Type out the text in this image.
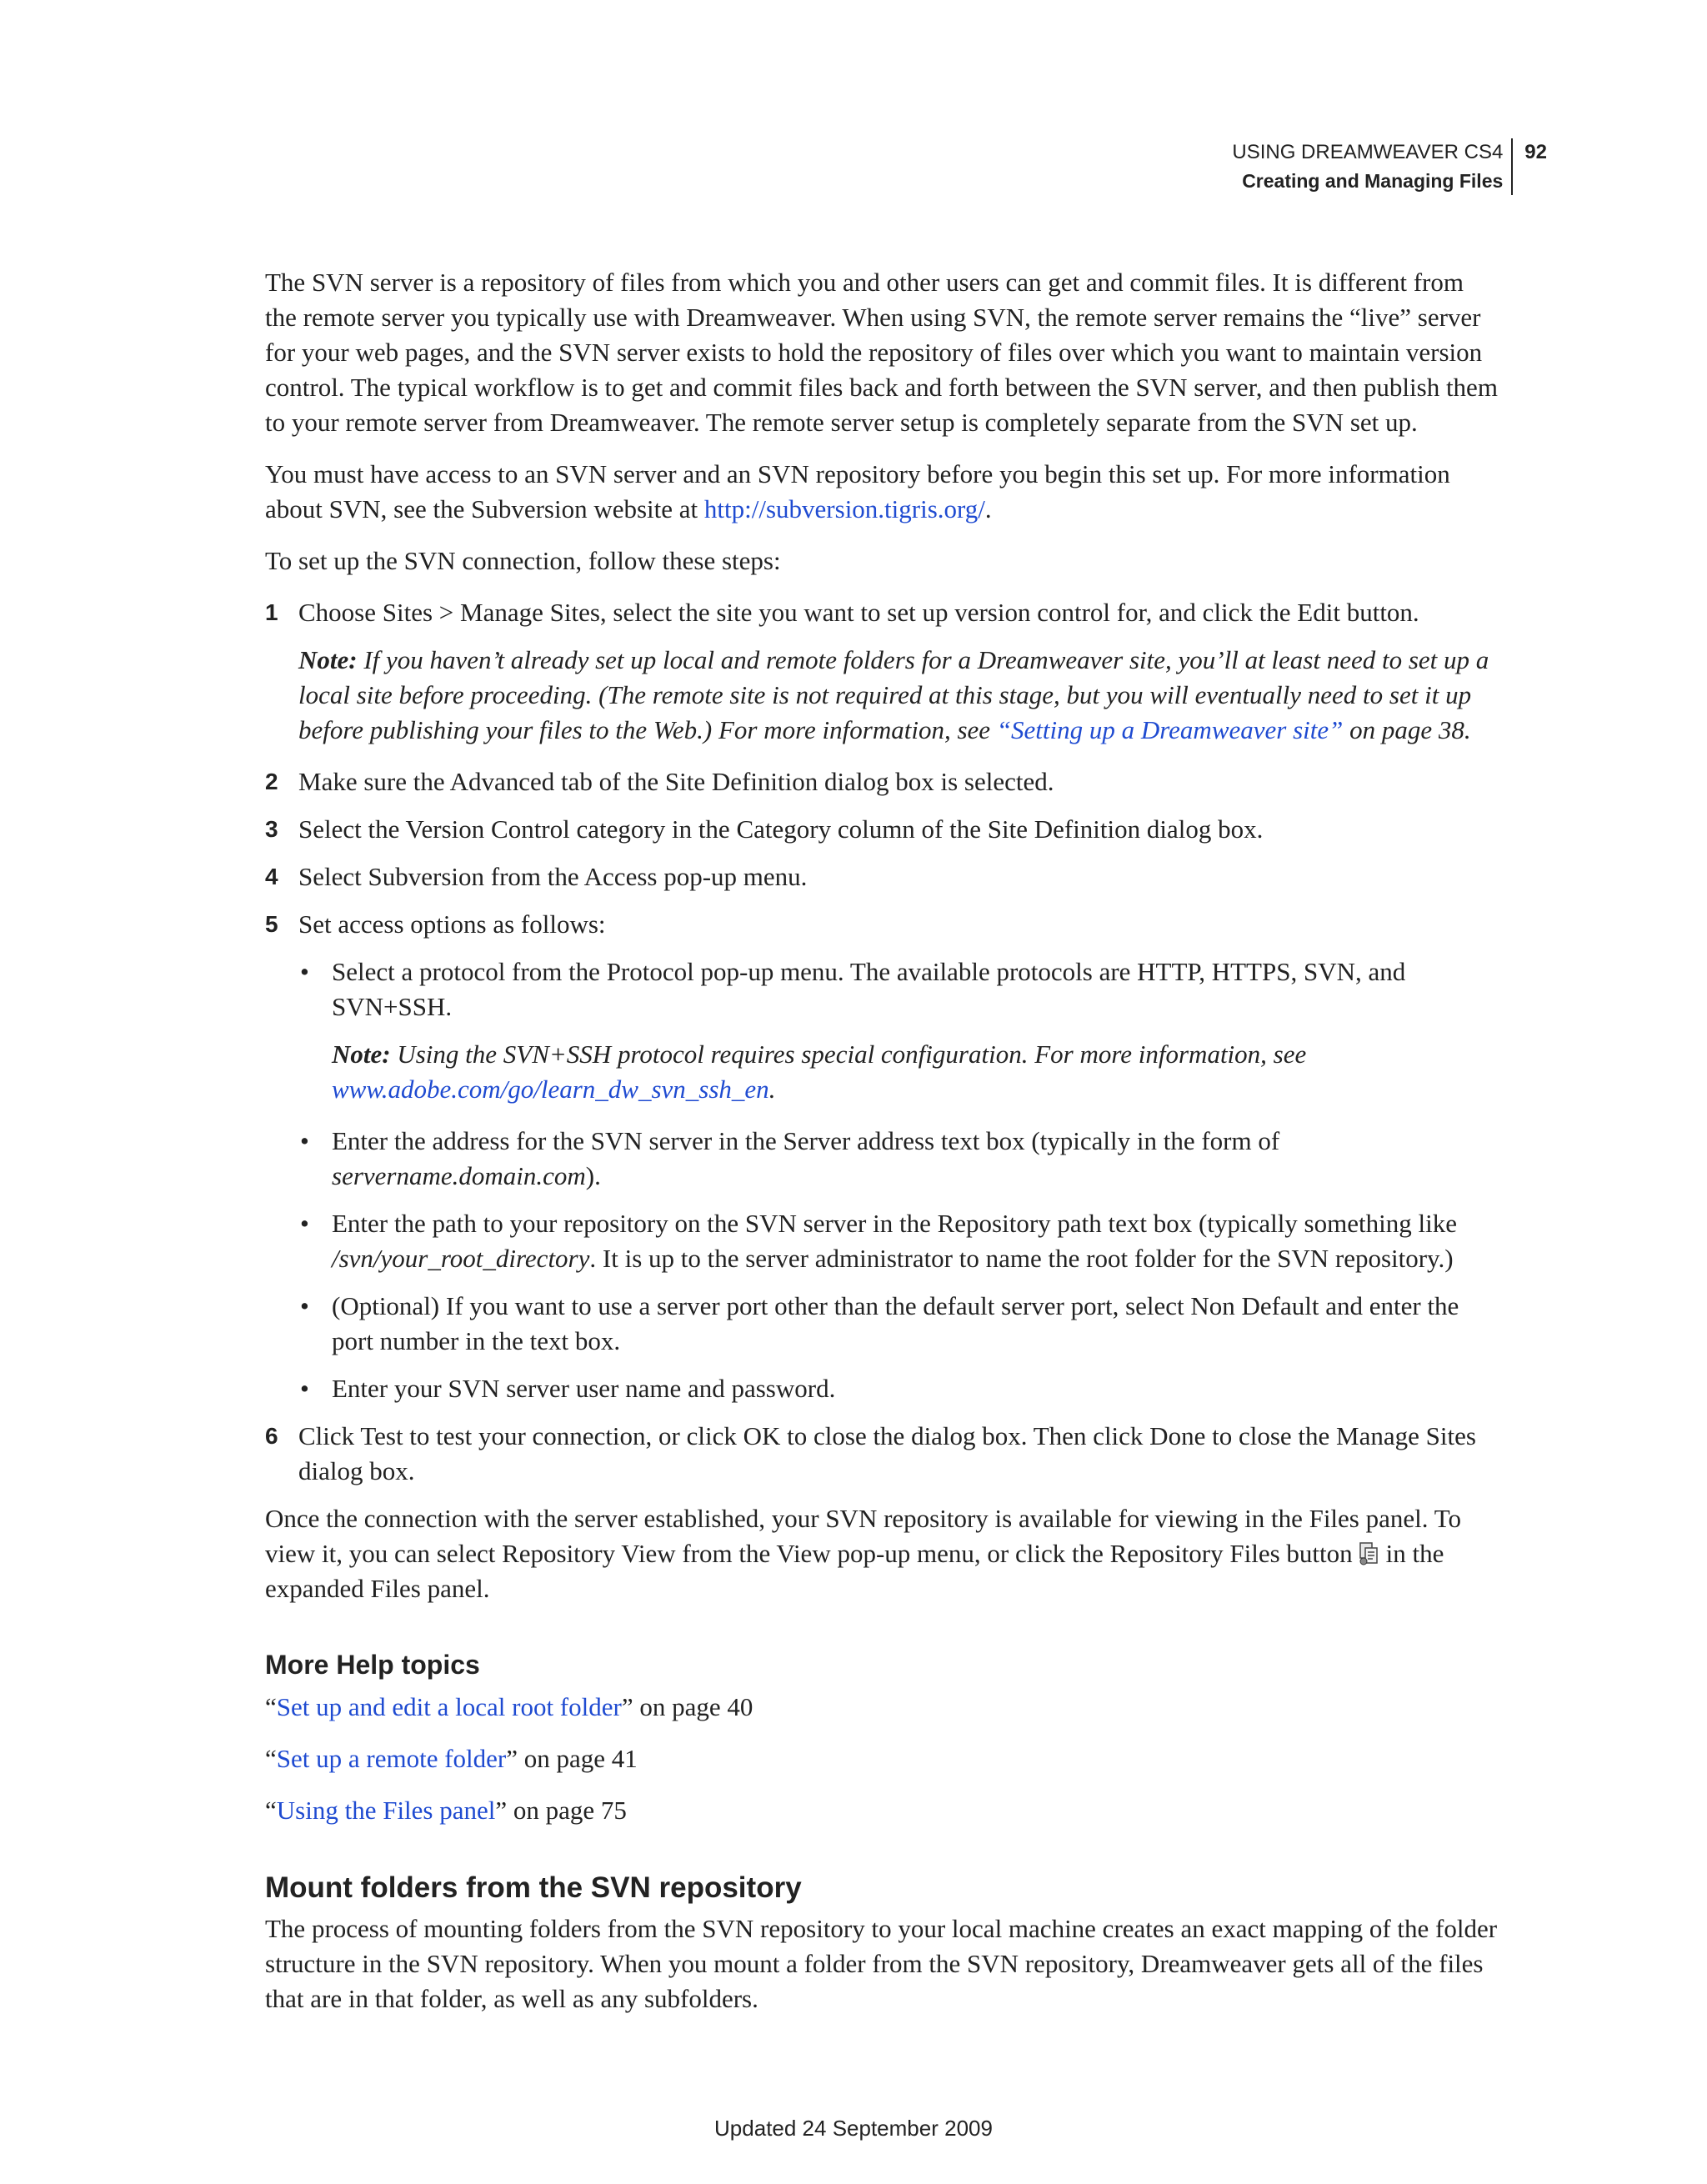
USING DREAMWEAVER CS4
Creating and Managing Files
92

The SVN server is a repository of files from which you and other users can get and commit files. It is different from the remote server you typically use with Dreamweaver. When using SVN, the remote server remains the “live” server for your web pages, and the SVN server exists to hold the repository of files over which you want to maintain version control. The typical workflow is to get and commit files back and forth between the SVN server, and then publish them to your remote server from Dreamweaver. The remote server setup is completely separate from the SVN set up.

You must have access to an SVN server and an SVN repository before you begin this set up. For more information about SVN, see the Subversion website at http://subversion.tigris.org/.

To set up the SVN connection, follow these steps:

1 Choose Sites > Manage Sites, select the site you want to set up version control for, and click the Edit button.
Note: If you haven’t already set up local and remote folders for a Dreamweaver site, you’ll at least need to set up a local site before proceeding. (The remote site is not required at this stage, but you will eventually need to set it up before publishing your files to the Web.) For more information, see “Setting up a Dreamweaver site” on page 38.
2 Make sure the Advanced tab of the Site Definition dialog box is selected.
3 Select the Version Control category in the Category column of the Site Definition dialog box.
4 Select Subversion from the Access pop-up menu.
5 Set access options as follows:
• Select a protocol from the Protocol pop-up menu. The available protocols are HTTP, HTTPS, SVN, and SVN+SSH.
Note: Using the SVN+SSH protocol requires special configuration. For more information, see www.adobe.com/go/learn_dw_svn_ssh_en.
• Enter the address for the SVN server in the Server address text box (typically in the form of servername.domain.com).
• Enter the path to your repository on the SVN server in the Repository path text box (typically something like /svn/your_root_directory. It is up to the server administrator to name the root folder for the SVN repository.)
• (Optional) If you want to use a server port other than the default server port, select Non Default and enter the port number in the text box.
• Enter your SVN server user name and password.
6 Click Test to test your connection, or click OK to close the dialog box. Then click Done to close the Manage Sites dialog box.

Once the connection with the server established, your SVN repository is available for viewing in the Files panel. To view it, you can select Repository View from the View pop-up menu, or click the Repository Files button in the expanded Files panel.

More Help topics
“Set up and edit a local root folder” on page 40
“Set up a remote folder” on page 41
“Using the Files panel” on page 75
Mount folders from the SVN repository

The process of mounting folders from the SVN repository to your local machine creates an exact mapping of the folder structure in the SVN repository. When you mount a folder from the SVN repository, Dreamweaver gets all of the files that are in that folder, as well as any subfolders.

Updated 24 September 2009
